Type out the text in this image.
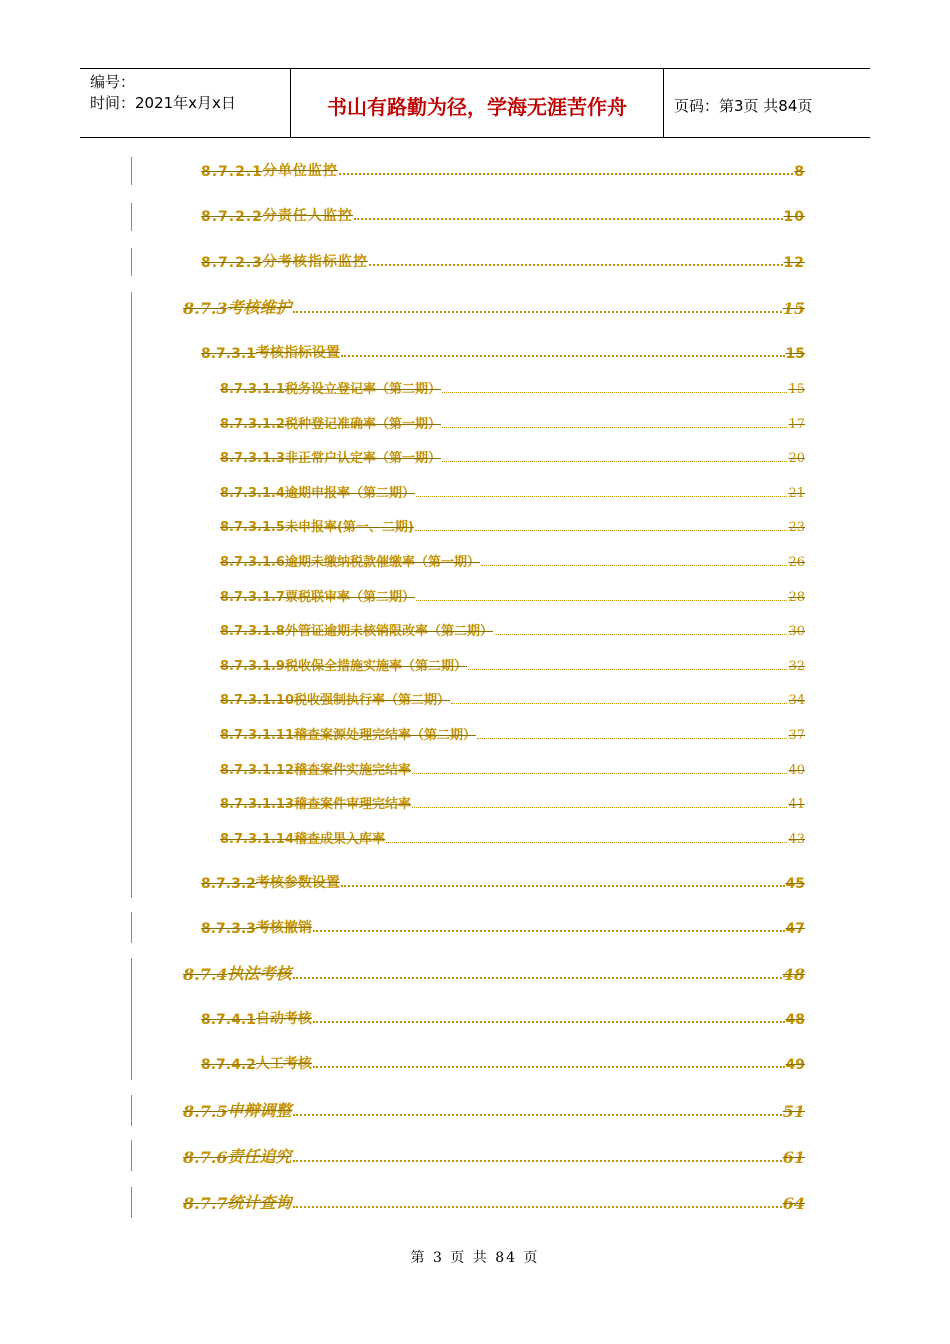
编号：
时间：2021年x月x日	书山有路勤为径，学海无涯苦作舟	页码：第3页 共84页
8.7.2.1 分单位监控	8
8.7.2.2 分责任人监控	10
8.7.2.3 分考核指标监控	12
8.7.3 考核维护	15
8.7.3.1 考核指标设置	15
8.7.3.1.1 税务设立登记率（第二期）	15
8.7.3.1.2 税种登记准确率（第一期）	17
8.7.3.1.3 非正常户认定率（第一期）	20
8.7.3.1.4 逾期申报率（第二期）	21
8.7.3.1.5 未申报率(第一、二期)	23
8.7.3.1.6 逾期未缴纳税款催缴率（第一期）	26
8.7.3.1.7 票税联审率（第二期）	28
8.7.3.1.8 外管证逾期未核销限改率（第二期）	30
8.7.3.1.9 税收保全措施实施率（第二期）	32
8.7.3.1.10 税收强制执行率（第二期）	34
8.7.3.1.11 稽查案源处理完结率（第二期）	37
8.7.3.1.12 稽查案件实施完结率	40
8.7.3.1.13 稽查案件审理完结率	41
8.7.3.1.14 稽查成果入库率	43
8.7.3.2 考核参数设置	45
8.7.3.3 考核撤销	47
8.7.4 执法考核	48
8.7.4.1 自动考核	48
8.7.4.2 人工考核	49
8.7.5 申辩调整	51
8.7.6 责任追究	61
8.7.7 统计查询	64
第 3 页 共 84 页
